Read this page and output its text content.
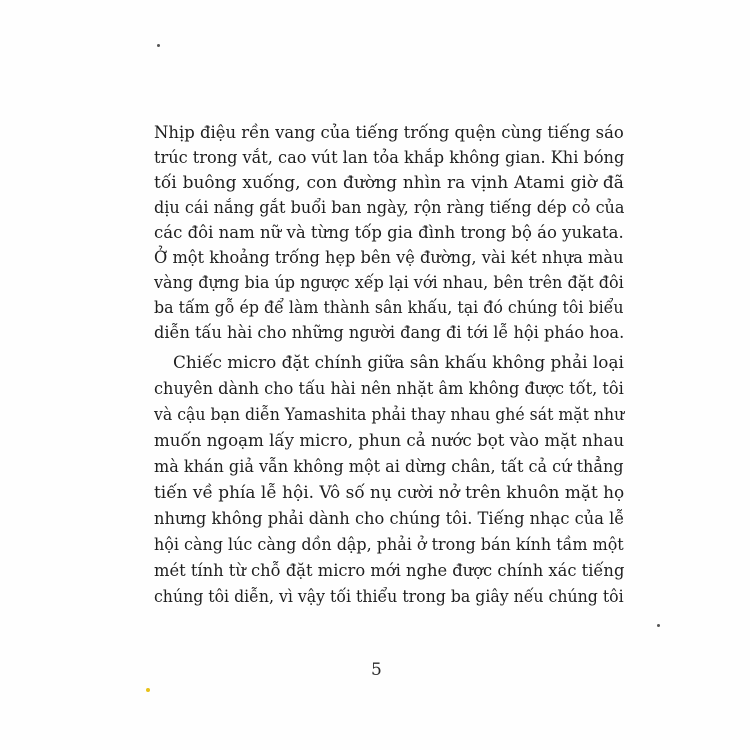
Nhịp điệu rền vang của tiếng trống quện cùng tiếng sáo
trúc trong vắt, cao vút lan tỏa khắp không gian. Khi bóng
tối buông xuống, con đường nhìn ra vịnh Atami giờ đã
dịu cái nắng gắt buổi ban ngày, rộn ràng tiếng dép cỏ của
các đôi nam nữ và từng tốp gia đình trong bộ áo yukata.
Ở một khoảng trống hẹp bên vệ đường, vài két nhựa màu
vàng đựng bia úp ngược xếp lại với nhau, bên trên đặt đôi
ba tấm gỗ ép để làm thành sân khấu, tại đó chúng tôi biểu
diễn tấu hài cho những người đang đi tới lễ hội pháo hoa.
Chiếc micro đặt chính giữa sân khấu không phải loại
chuyên dành cho tấu hài nên nhặt âm không được tốt, tôi
và cậu bạn diễn Yamashita phải thay nhau ghé sát mặt như
muốn ngoạm lấy micro, phun cả nước bọt vào mặt nhau
mà khán giả vẫn không một ai dừng chân, tất cả cứ thẳng
tiến về phía lễ hội. Vô số nụ cười nở trên khuôn mặt họ
nhưng không phải dành cho chúng tôi. Tiếng nhạc của lễ
hội càng lúc càng dồn dập, phải ở trong bán kính tầm một
mét tính từ chỗ đặt micro mới nghe được chính xác tiếng
chúng tôi diễn, vì vậy tối thiểu trong ba giây nếu chúng tôi
5
